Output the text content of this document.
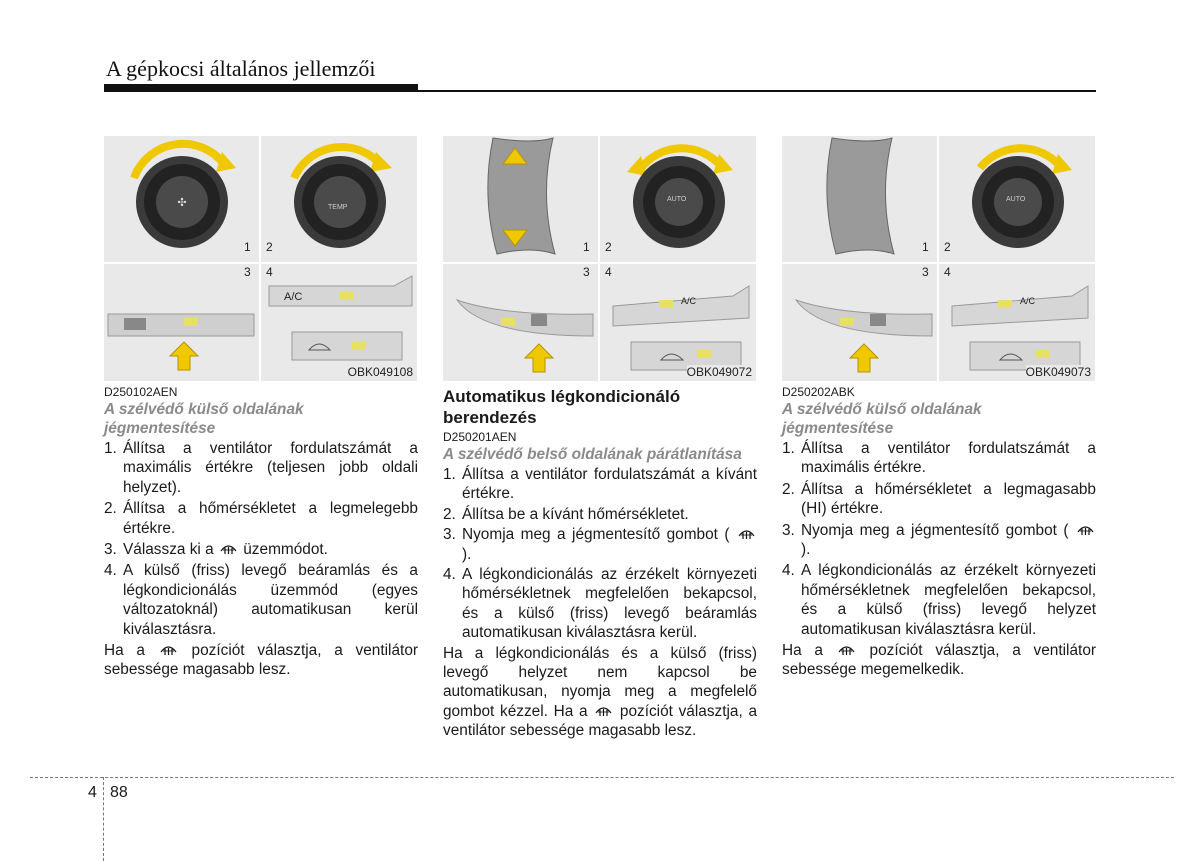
A gépkocsi általános jellemzői
✣
1 2
3 4
TEMP
A/C
OBK049108
1 2
3 4
AUTO
A/C
OBK049072
1 2
3 4
AUTO
A/C
OBK049073

D250102AEN

A szélvédő külső oldalának jégmentesítése

1. Állítsa a ventilátor fordulatszámát a maximális értékre (teljesen jobb oldali helyzet).
2. Állítsa a hőmérsékletet a legmelegebb értékre.
3. Válassza ki a üzemmódot.
4. A külső (friss) levegő beáramlás és a légkondicionálás üzemmód (egyes változatoknál) automatikusan kerül kiválasztásra.

Ha a	pozíciót választja, a ventilátor sebessége magasabb lesz.

Automatikus légkondicionáló berendezés

D250201AEN

A szélvédő belső oldalának párátlanítása

1. Állítsa a ventilátor fordulatszámát a kívánt értékre.
2. Állítsa be a kívánt hőmérsékletet.
3. Nyomja meg a jégmentesítő gombot (  ).
4. A légkondicionálás az érzékelt környezeti hőmérsékletnek megfelelően bekapcsol, és a külső (friss) levegő beáramlás automatikusan kiválasztásra kerül.

Ha a légkondicionálás és a külső (friss) levegő helyzet nem kapcsol be automatikusan, nyomja meg a megfelelő gombot kézzel. Ha a pozíciót választja, a ventilátor sebessége magasabb lesz.

D250202ABK

A szélvédő külső oldalának jégmentesítése

1. Állítsa a ventilátor fordulatszámát a maximális értékre.
2. Állítsa a hőmérsékletet a legmagasabb (HI) értékre.
3. Nyomja meg a jégmentesítő gombot (  ).
4. A légkondicionálás az érzékelt környezeti hőmérsékletnek megfelelően bekapcsol, és a külső (friss) levegő helyzet automatikusan kiválasztásra kerül.

Ha a	pozíciót választja, a ventilátor sebessége megemelkedik.

4 88
